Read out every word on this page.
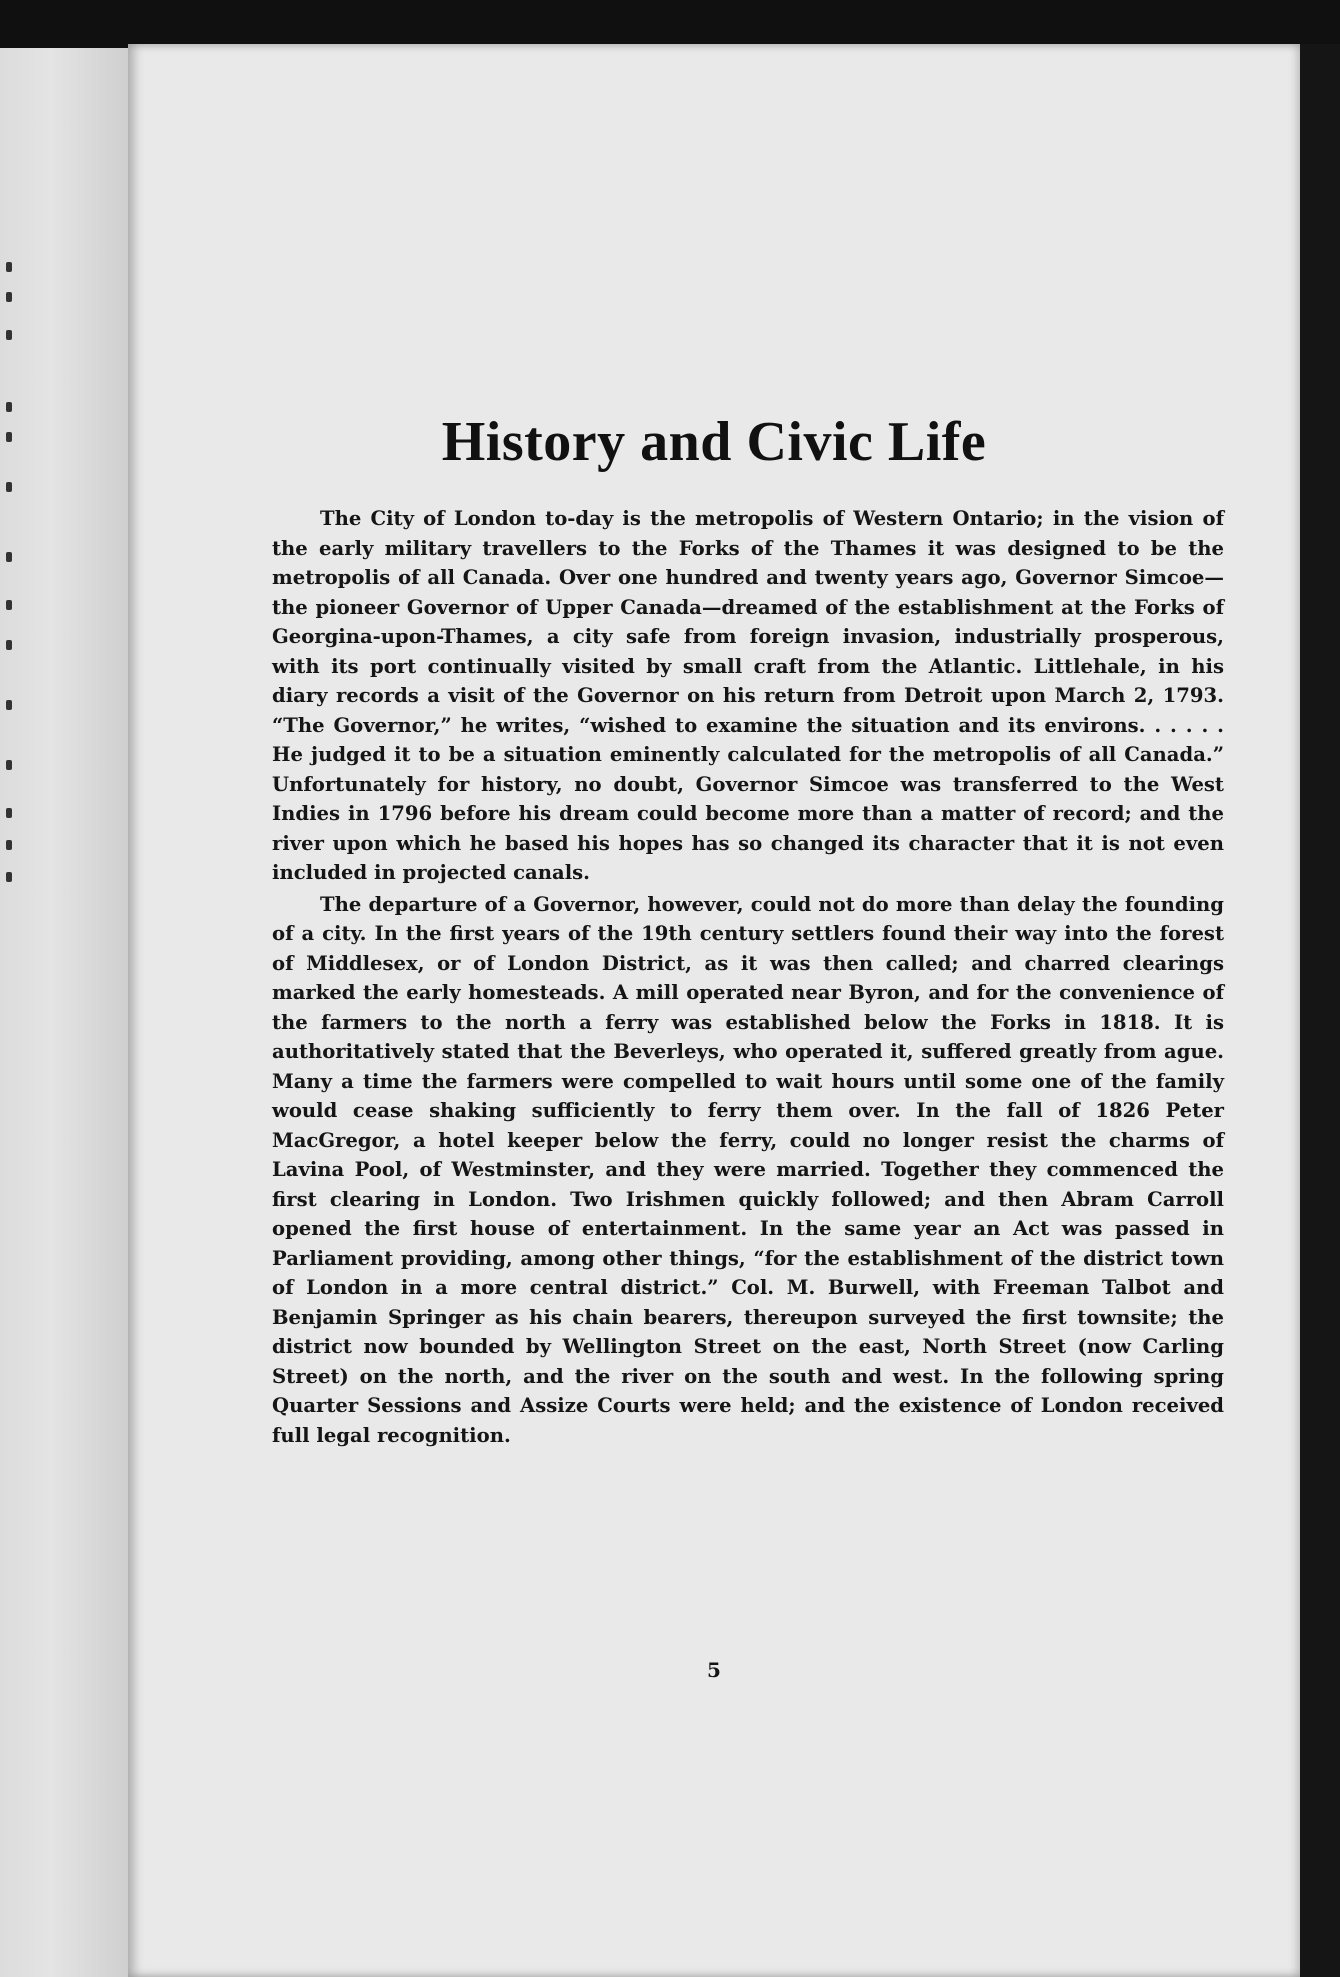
History and Civic Life

The City of London to-day is the metropolis of Western Ontario; in the vision of the early military travellers to the Forks of the Thames it was designed to be the metropolis of all Canada. Over one hundred and twenty years ago, Governor Simcoe—the pioneer Governor of Upper Canada—dreamed of the establishment at the Forks of Georgina-upon-Thames, a city safe from foreign invasion, industrially prosperous, with its port continually visited by small craft from the Atlantic. Littlehale, in his diary records a visit of the Governor on his return from Detroit upon March 2, 1793. “The Governor,” he writes, “wished to examine the situation and its environs. . . . . . He judged it to be a situation eminently calculated for the metropolis of all Canada.” Unfortunately for history, no doubt, Governor Simcoe was transferred to the West Indies in 1796 before his dream could become more than a matter of record; and the river upon which he based his hopes has so changed its character that it is not even included in projected canals.

The departure of a Governor, however, could not do more than delay the founding of a city. In the first years of the 19th century settlers found their way into the forest of Middlesex, or of London District, as it was then called; and charred clearings marked the early homesteads. A mill operated near Byron, and for the convenience of the farmers to the north a ferry was established below the Forks in 1818. It is authoritatively stated that the Beverleys, who operated it, suffered greatly from ague. Many a time the farmers were compelled to wait hours until some one of the family would cease shaking sufficiently to ferry them over. In the fall of 1826 Peter MacGregor, a hotel keeper below the ferry, could no longer resist the charms of Lavina Pool, of Westminster, and they were married. Together they commenced the first clearing in London. Two Irishmen quickly followed; and then Abram Carroll opened the first house of entertainment. In the same year an Act was passed in Parliament providing, among other things, “for the establishment of the district town of London in a more central district.” Col. M. Burwell, with Freeman Talbot and Benjamin Springer as his chain bearers, thereupon surveyed the first townsite; the district now bounded by Wellington Street on the east, North Street (now Carling Street) on the north, and the river on the south and west. In the following spring Quarter Sessions and Assize Courts were held; and the existence of London received full legal recognition.

5
